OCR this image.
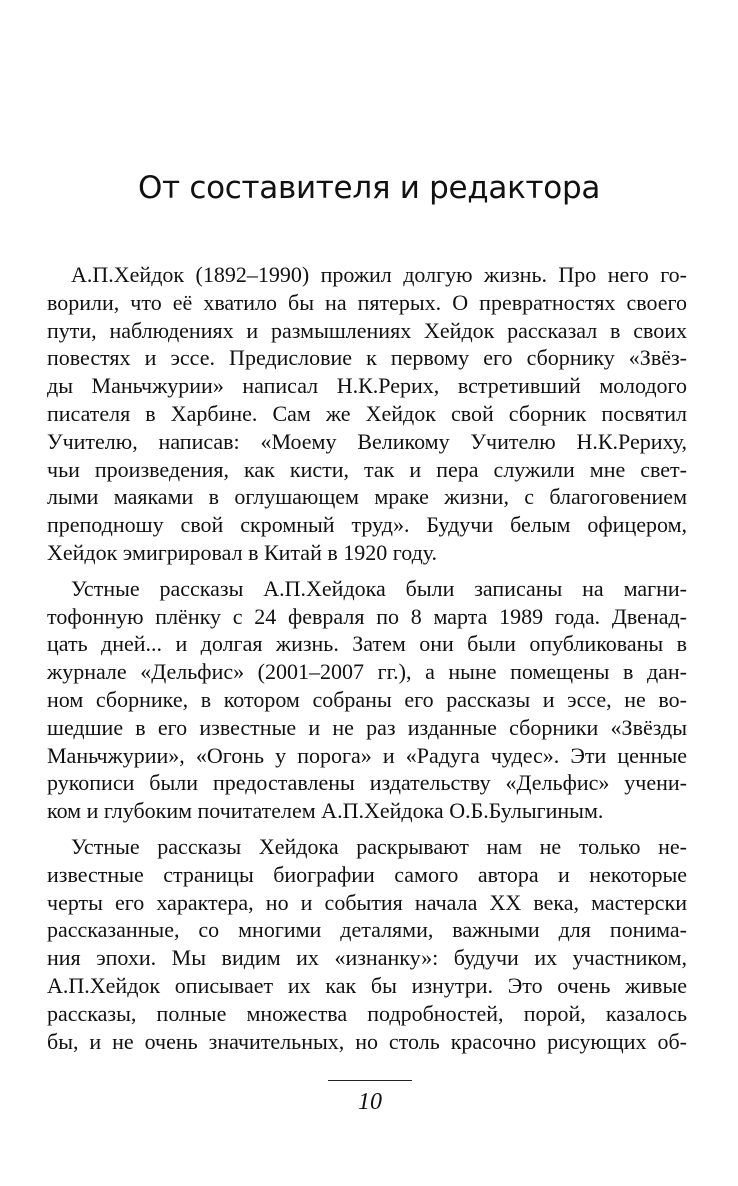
От составителя и редактора

А.П.Хейдок (1892–1990) прожил долгую жизнь. Про него го-
ворили, что её хватило бы на пятерых. О превратностях своего
пути, наблюдениях и размышлениях Хейдок рассказал в своих
повестях и эссе. Предисловие к первому его сборнику «Звёз-
ды Маньчжурии» написал Н.К.Рерих, встретивший молодого
писателя в Харбине. Сам же Хейдок свой сборник посвятил
Учителю, написав: «Моему Великому Учителю Н.К.Рериху,
чьи произведения, как кисти, так и пера служили мне свет-
лыми маяками в оглушающем мраке жизни, с благоговением
преподношу свой скромный труд». Будучи белым офицером,
Хейдок эмигрировал в Китай в 1920 году.

Устные рассказы А.П.Хейдока были записаны на магни-
тофонную плёнку с 24 февраля по 8 марта 1989 года. Двенад-
цать дней... и долгая жизнь. Затем они были опубликованы в
журнале «Дельфис» (2001–2007 гг.), а ныне помещены в дан-
ном сборнике, в котором собраны его рассказы и эссе, не во-
шедшие в его известные и не раз изданные сборники «Звёзды
Маньчжурии», «Огонь у порога» и «Радуга чудес». Эти ценные
рукописи были предоставлены издательству «Дельфис» учени-
ком и глубоким почитателем А.П.Хейдока О.Б.Булыгиным.

Устные рассказы Хейдока раскрывают нам не только не-
известные страницы биографии самого автора и некоторые
черты его характера, но и события начала XX века, мастерски
рассказанные, со многими деталями, важными для понима-
ния эпохи. Мы видим их «изнанку»: будучи их участником,
А.П.Хейдок описывает их как бы изнутри. Это очень живые
рассказы, полные множества подробностей, порой, казалось
бы, и не очень значительных, но столь красочно рисующих об-

10
